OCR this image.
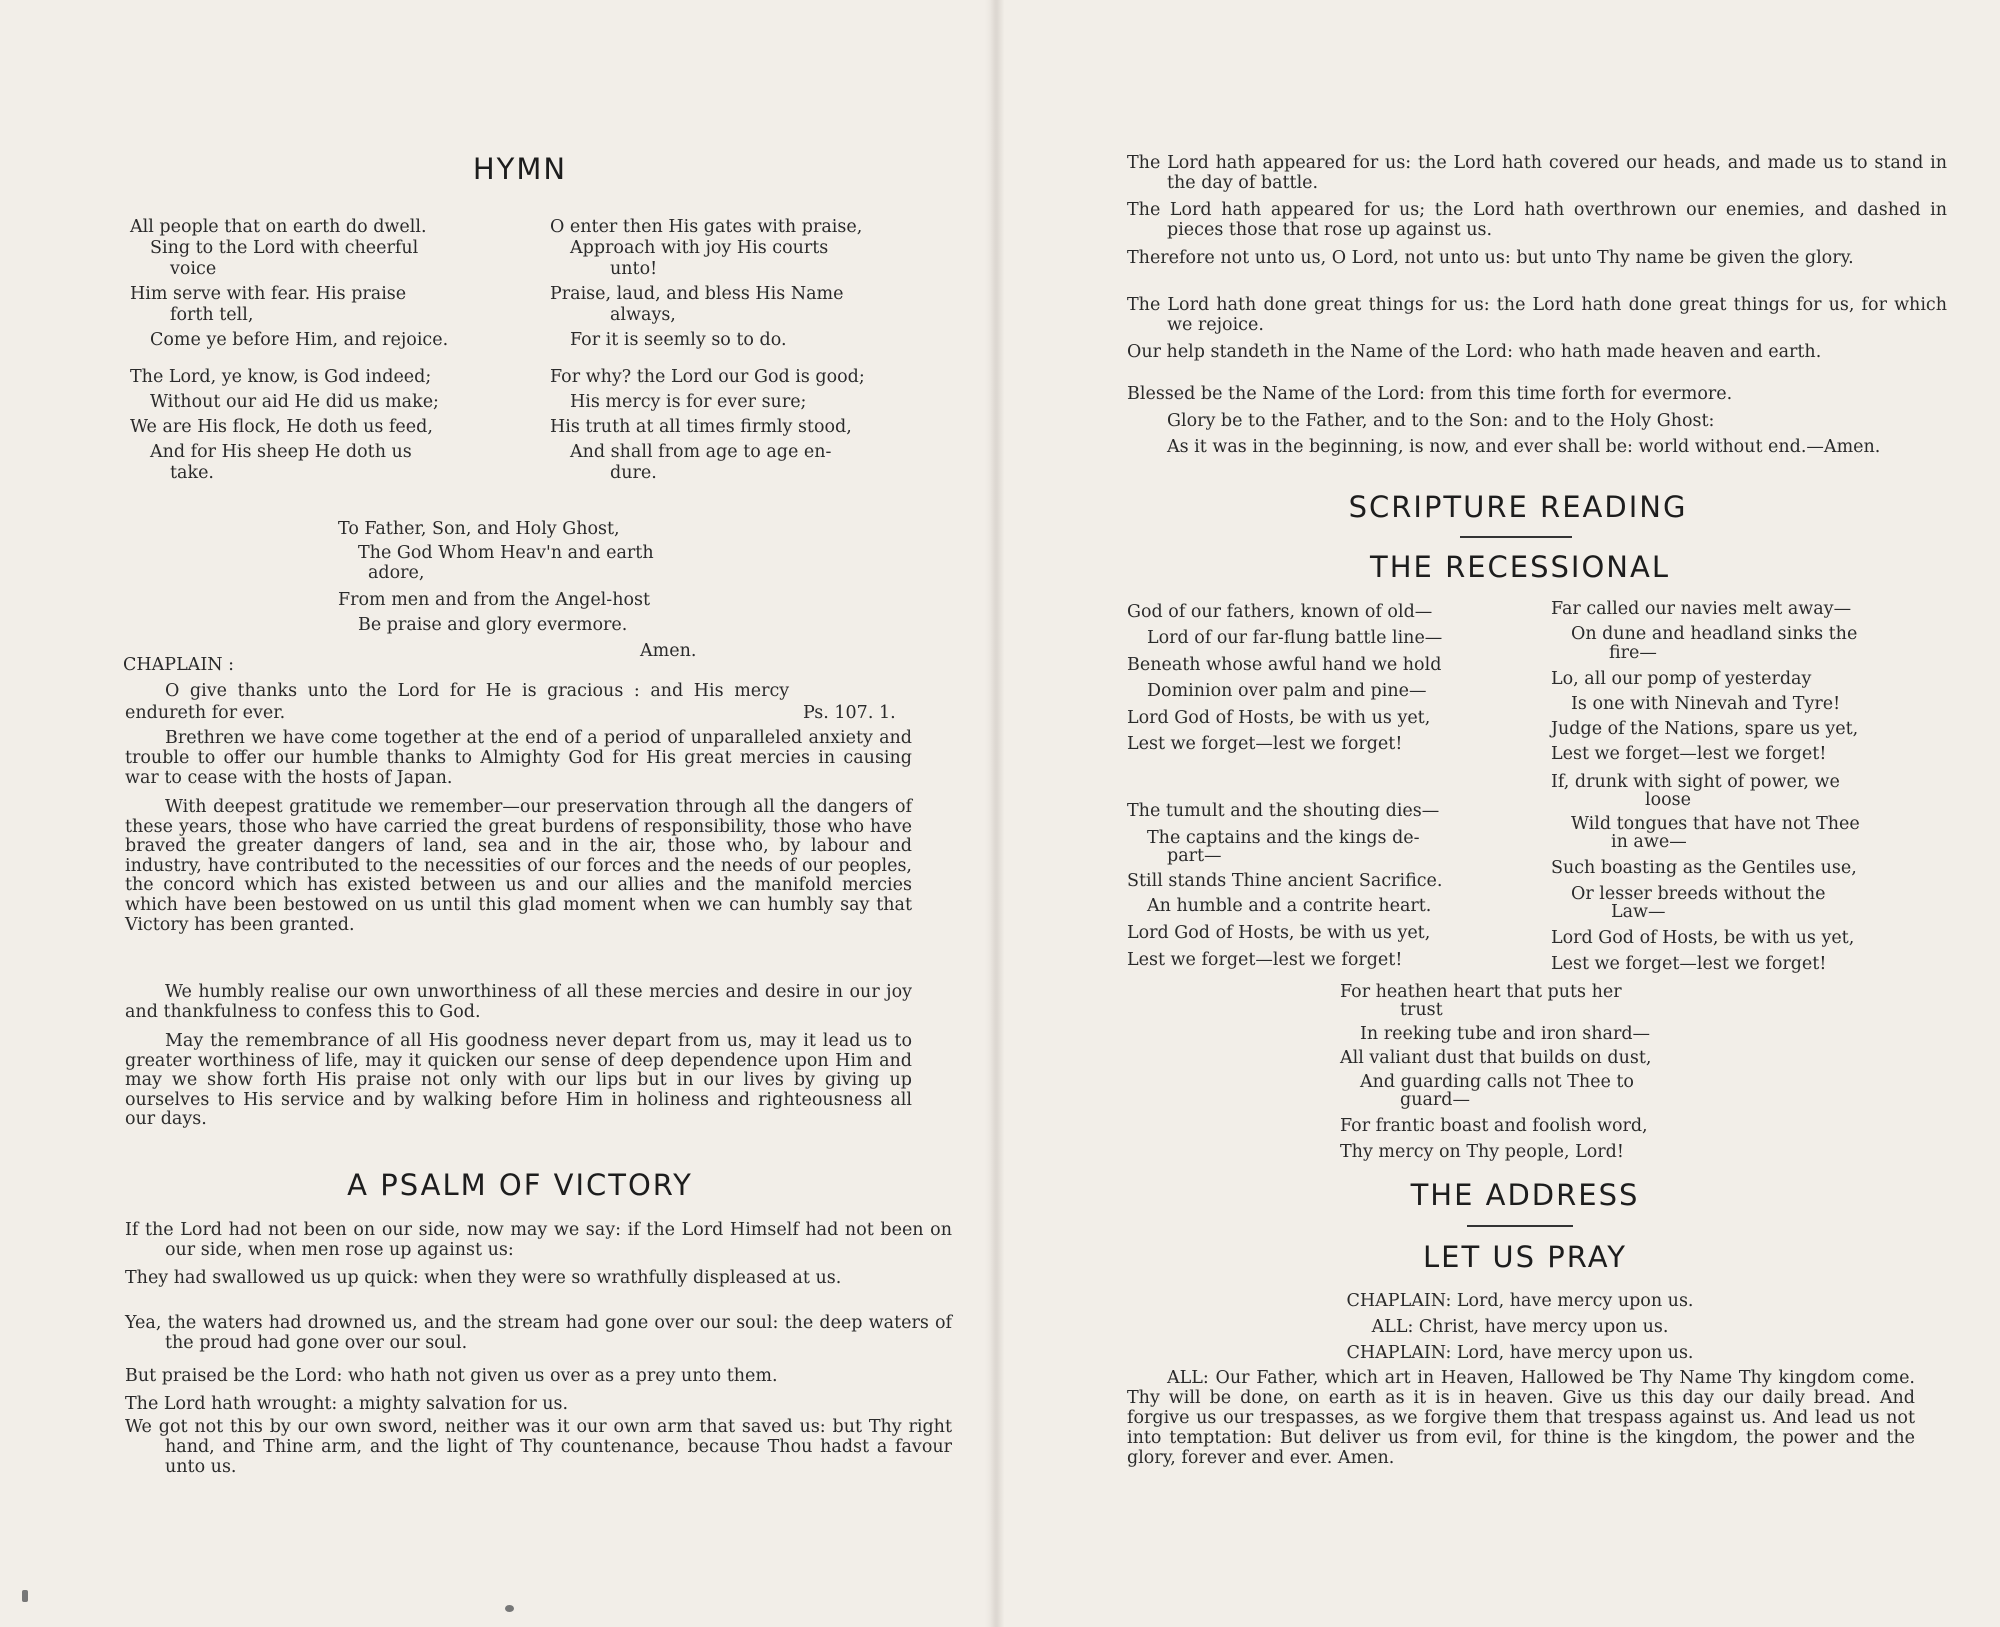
HYMN
All people that on earth do dwell.
Sing to the Lord with cheerful
voice
Him serve with fear. His praise
forth tell,
Come ye before Him, and rejoice.
The Lord, ye know, is God indeed;
Without our aid He did us make;
We are His flock, He doth us feed,
And for His sheep He doth us
take.
O enter then His gates with praise,
Approach with joy His courts
unto!
Praise, laud, and bless His Name
always,
For it is seemly so to do.
For why? the Lord our God is good;
His mercy is for ever sure;
His truth at all times firmly stood,
And shall from age to age en-
dure.
To Father, Son, and Holy Ghost,
The God Whom Heav'n and earth
adore,
From men and from the Angel-host
Be praise and glory evermore.
Amen.
CHAPLAIN :
O give thanks unto the Lord for He is gracious : and His mercy
endureth for ever.	Ps. 107. 1.
Brethren we have come together at the end of a period of unparalleled anxiety and trouble to offer our humble thanks to Almighty God for His great mercies in causing war to cease with the hosts of Japan.
With deepest gratitude we remember—our preservation through all the dangers of these years, those who have carried the great burdens of responsibility, those who have braved the greater dangers of land, sea and in the air, those who, by labour and industry, have contributed to the necessities of our forces and the needs of our peoples, the concord which has existed between us and our allies and the manifold mercies which have been bestowed on us until this glad moment when we can humbly say that Victory has been granted.
We humbly realise our own unworthiness of all these mercies and desire in our joy and thankfulness to confess this to God.
May the remembrance of all His goodness never depart from us, may it lead us to greater worthiness of life, may it quicken our sense of deep dependence upon Him and may we show forth His praise not only with our lips but in our lives by giving up ourselves to His service and by walking before Him in holiness and righteousness all our days.
A PSALM OF VICTORY
If the Lord had not been on our side, now may we say: if the Lord Himself had not been on our side, when men rose up against us:
They had swallowed us up quick: when they were so wrathfully displeased at us.
Yea, the waters had drowned us, and the stream had gone over our soul: the deep waters of the proud had gone over our soul.
But praised be the Lord: who hath not given us over as a prey unto them.
The Lord hath wrought: a mighty salvation for us.
We got not this by our own sword, neither was it our own arm that saved us: but Thy right hand, and Thine arm, and the light of Thy countenance, because Thou hadst a favour unto us.
The Lord hath appeared for us: the Lord hath covered our heads, and made us to stand in the day of battle.
The Lord hath appeared for us; the Lord hath overthrown our enemies, and dashed in pieces those that rose up against us.
Therefore not unto us, O Lord, not unto us: but unto Thy name be given the glory.
The Lord hath done great things for us: the Lord hath done great things for us, for which we rejoice.
Our help standeth in the Name of the Lord: who hath made heaven and earth.
Blessed be the Name of the Lord: from this time forth for evermore.
Glory be to the Father, and to the Son: and to the Holy Ghost:
As it was in the beginning, is now, and ever shall be: world without end.—Amen.
SCRIPTURE READING
THE RECESSIONAL
God of our fathers, known of old—
Lord of our far-flung battle line—
Beneath whose awful hand we hold
Dominion over palm and pine—
Lord God of Hosts, be with us yet,
Lest we forget—lest we forget!
The tumult and the shouting dies—
The captains and the kings de-
part—
Still stands Thine ancient Sacrifice.
An humble and a contrite heart.
Lord God of Hosts, be with us yet,
Lest we forget—lest we forget!
Far called our navies melt away—
On dune and headland sinks the
fire—
Lo, all our pomp of yesterday
Is one with Ninevah and Tyre!
Judge of the Nations, spare us yet,
Lest we forget—lest we forget!
If, drunk with sight of power, we
loose
Wild tongues that have not Thee
in awe—
Such boasting as the Gentiles use,
Or lesser breeds without the
Law—
Lord God of Hosts, be with us yet,
Lest we forget—lest we forget!
For heathen heart that puts her
trust
In reeking tube and iron shard—
All valiant dust that builds on dust,
And guarding calls not Thee to
guard—
For frantic boast and foolish word,
Thy mercy on Thy people, Lord!
THE ADDRESS
LET US PRAY
CHAPLAIN: Lord, have mercy upon us.
ALL: Christ, have mercy upon us.
CHAPLAIN: Lord, have mercy upon us.
ALL: Our Father, which art in Heaven, Hallowed be Thy Name Thy kingdom come. Thy will be done, on earth as it is in heaven. Give us this day our daily bread. And forgive us our trespasses, as we forgive them that trespass against us. And lead us not into temptation: But deliver us from evil, for thine is the kingdom, the power and the glory, forever and ever. Amen.
